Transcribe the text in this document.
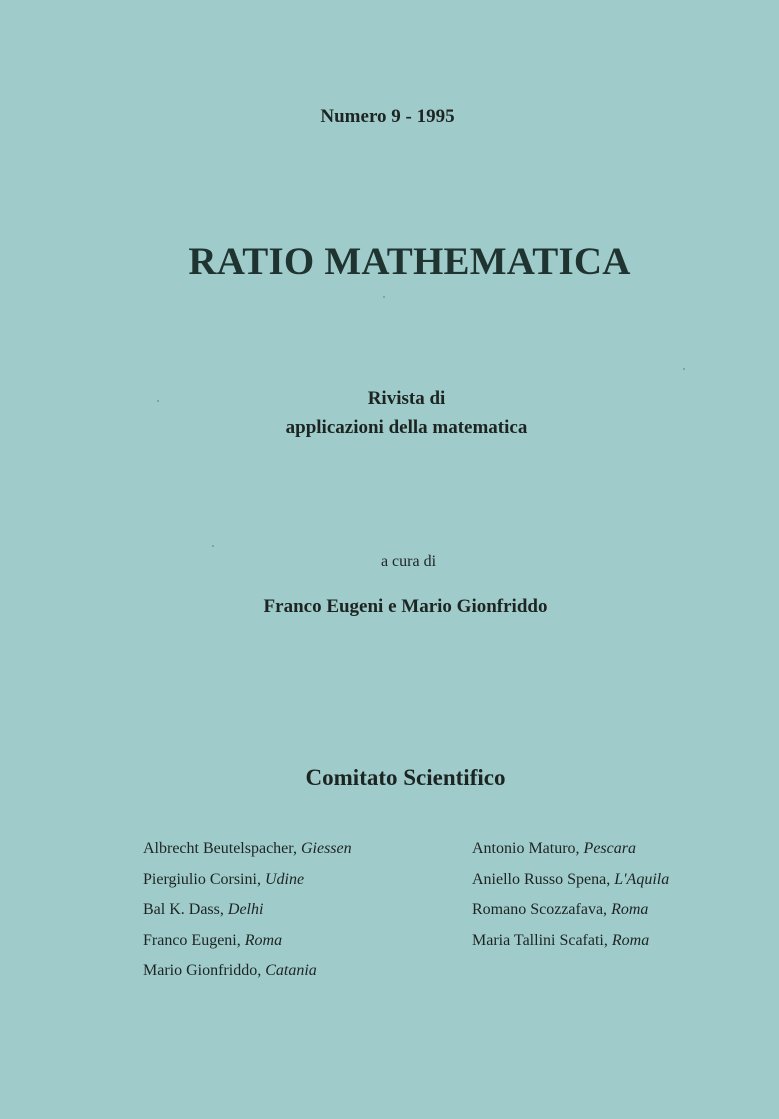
Numero 9 - 1995
RATIO MATHEMATICA
Rivista di
applicazioni della matematica
a cura di
Franco Eugeni e Mario Gionfriddo
Comitato Scientifico
Albrecht Beutelspacher, Giessen
Piergiulio Corsini, Udine
Bal K. Dass, Delhi
Franco Eugeni, Roma
Mario Gionfriddo, Catania
Antonio Maturo, Pescara
Aniello Russo Spena, L'Aquila
Romano Scozzafava, Roma
Maria Tallini Scafati, Roma
